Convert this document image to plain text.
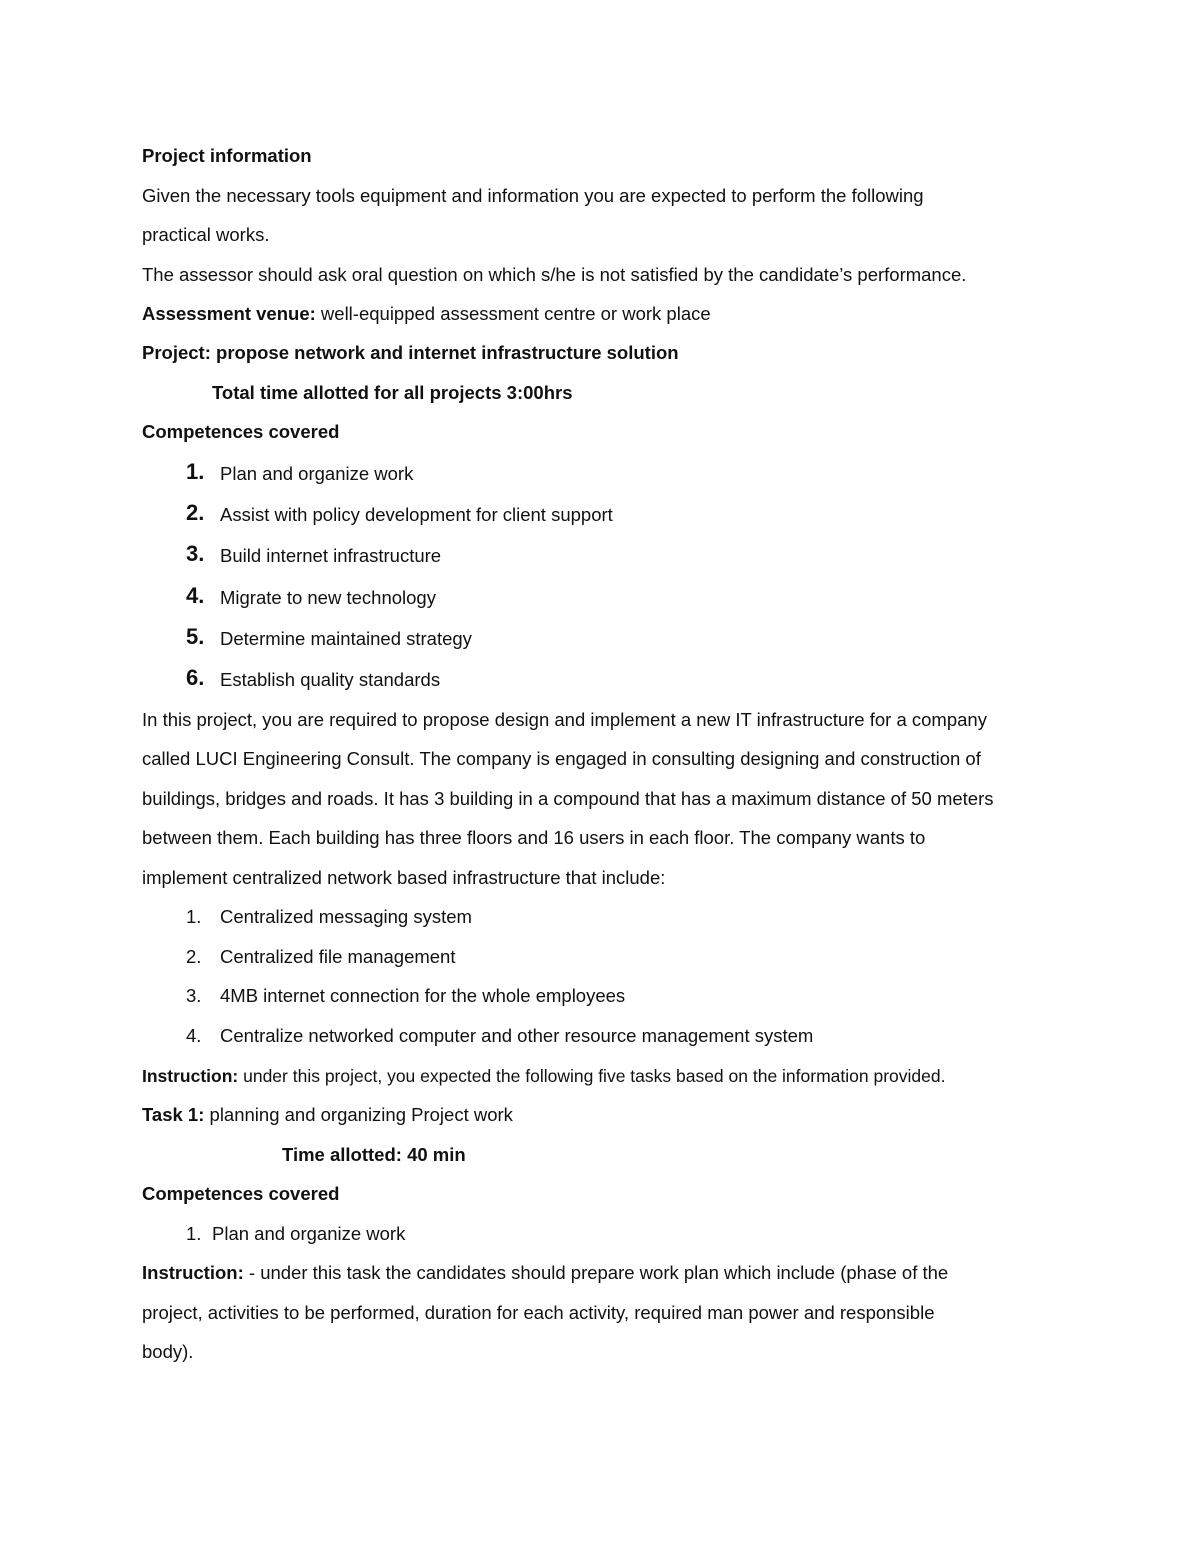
Project information
Given the necessary tools equipment and information you are expected to perform the following
practical works.
The assessor should ask oral question on which s/he is not satisfied by the candidate’s performance.
Assessment venue: well-equipped assessment centre or work place
Project: propose network and internet infrastructure solution
Total time allotted for all projects 3:00hrs
Competences covered
1. Plan and organize work
2. Assist with policy development for client support
3. Build internet infrastructure
4. Migrate to new technology
5. Determine maintained strategy
6. Establish quality standards
In this project, you are required to propose design and implement a new IT infrastructure for a company
called LUCI Engineering Consult. The company is engaged in consulting designing and construction of
buildings, bridges and roads. It has 3 building in a compound that has a maximum distance of 50 meters
between them. Each building has three floors and 16 users in each floor. The company wants to
implement centralized network based infrastructure that include:
1. Centralized messaging system
2. Centralized file management
3. 4MB internet connection for the whole employees
4. Centralize networked computer and other resource management system
Instruction: under this project, you expected the following five tasks based on the information provided.
Task 1: planning and organizing Project work
Time allotted: 40 min
Competences covered
1. Plan and organize work
Instruction: - under this task the candidates should prepare work plan which include (phase of the
project, activities to be performed, duration for each activity, required man power and responsible
body).
